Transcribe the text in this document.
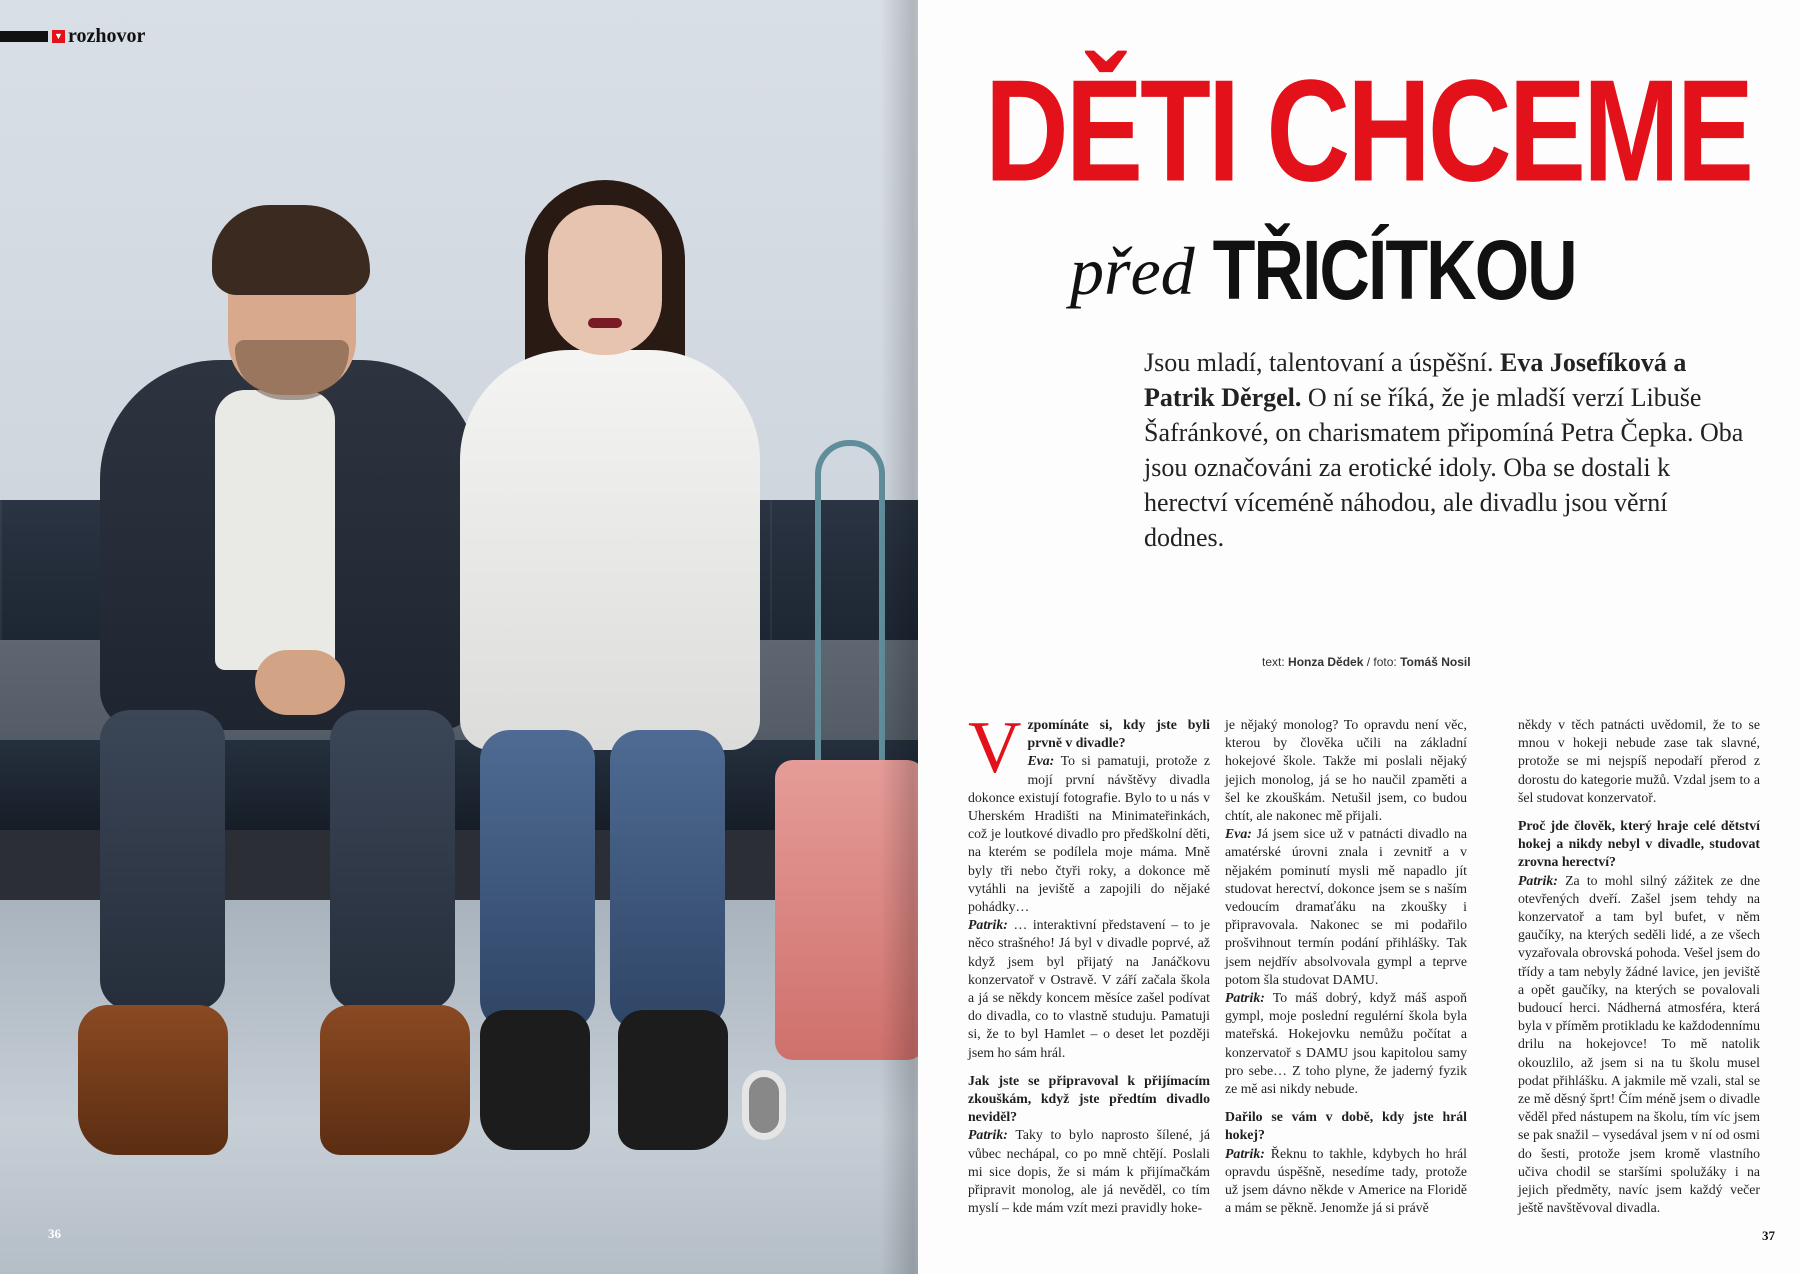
▼ rozhovor
36
DĚTI CHCEME
před TŘICÍTKOU
Jsou mladí, talentovaní a úspěšní. Eva Josefíková a Patrik Děrgel. O ní se říká, že je mladší verzí Libuše Šafránkové, on charismatem připomíná Petra Čepka. Oba jsou označováni za erotické idoly. Oba se dostali k herectví víceméně náhodou, ale divadlu jsou věrní dodnes.
text: Honza Dědek / foto: Tomáš Nosil
V zpomínáte si, kdy jste byli prvně v divadle?

Eva: To si pamatuji, protože z mojí první návštěvy divadla dokonce existují fotografie. Bylo to u nás v Uherském Hradišti na Minimateřinkách, což je loutkové divadlo pro předškolní děti, na kterém se podílela moje máma. Mně byly tři nebo čtyři roky, a dokonce mě vytáhli na jeviště a zapojili do nějaké pohádky…

Patrik: … interaktivní představení – to je něco strašného! Já byl v divadle poprvé, až když jsem byl přijatý na Janáčkovu konzervatoř v Ostravě. V září začala škola a já se někdy koncem měsíce zašel podívat do divadla, co to vlastně studuju. Pamatuji si, že to byl Hamlet – o deset let později jsem ho sám hrál.

Jak jste se připravoval k přijímacím zkouškám, když jste předtím divadlo neviděl?

Patrik: Taky to bylo naprosto šílené, já vůbec nechápal, co po mně chtějí. Poslali mi sice dopis, že si mám k přijímačkám připravit monolog, ale já nevěděl, co tím myslí – kde mám vzít mezi pravidly hoke-

je nějaký monolog? To opravdu není věc, kterou by člověka učili na základní hokejové škole. Takže mi poslali nějaký jejich monolog, já se ho naučil zpaměti a šel ke zkouškám. Netušil jsem, co budou chtít, ale nakonec mě přijali.

Eva: Já jsem sice už v patnácti divadlo na amatérské úrovni znala i zevnitř a v nějakém pominutí mysli mě napadlo jít studovat herectví, dokonce jsem se s naším vedoucím dramaťáku na zkoušky i připravovala. Nakonec se mi podařilo prošvihnout termín podání přihlášky. Tak jsem nejdřív absolvovala gympl a teprve potom šla studovat DAMU.

Patrik: To máš dobrý, když máš aspoň gympl, moje poslední regulérní škola byla mateřská. Hokejovku nemůžu počítat a konzervatoř s DAMU jsou kapitolou samy pro sebe… Z toho plyne, že jaderný fyzik ze mě asi nikdy nebude.

Dařilo se vám v době, kdy jste hrál hokej?

Patrik: Řeknu to takhle, kdybych ho hrál opravdu úspěšně, nesedíme tady, protože už jsem dávno někde v Americe na Floridě a mám se pěkně. Jenomže já si právě

někdy v těch patnácti uvědomil, že to se mnou v hokeji nebude zase tak slavné, protože se mi nejspíš nepodaří přerod z dorostu do kategorie mužů. Vzdal jsem to a šel studovat konzervatoř.

Proč jde člověk, který hraje celé dětství hokej a nikdy nebyl v divadle, studovat zrovna herectví?

Patrik: Za to mohl silný zážitek ze dne otevřených dveří. Zašel jsem tehdy na konzervatoř a tam byl bufet, v něm gaučíky, na kterých seděli lidé, a ze všech vyzařovala obrovská pohoda. Vešel jsem do třídy a tam nebyly žádné lavice, jen jeviště a opět gaučíky, na kterých se povalovali budoucí herci. Nádherná atmosféra, která byla v příměm protikladu ke každodennímu drilu na hokejovce! To mě natolik okouzlilo, až jsem si na tu školu musel podat přihlášku. A jakmile mě vzali, stal se ze mě děsný šprt! Čím méně jsem o divadle věděl před nástupem na školu, tím víc jsem se pak snažil – vysedával jsem v ní od osmi do šesti, protože jsem kromě vlastního učiva chodil se staršími spolužáky i na jejich předměty, navíc jsem každý večer ještě navštěvoval divadla.

37
